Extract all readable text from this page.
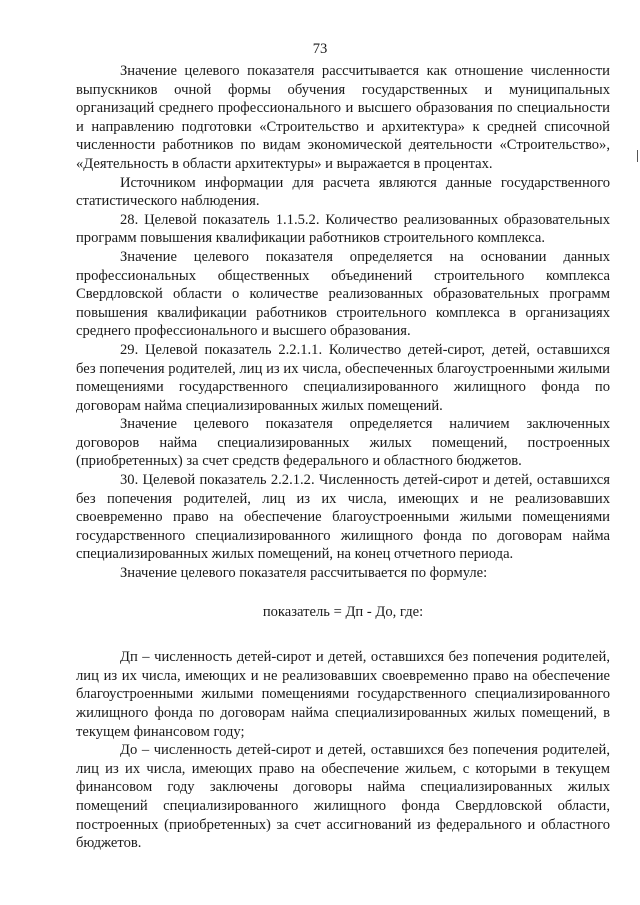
73

Значение целевого показателя рассчитывается как отношение численности выпускников очной формы обучения государственных и муниципальных организаций среднего профессионального и высшего образования по специальности и направлению подготовки «Строительство и архитектура» к средней списочной численности работников по видам экономической деятельности «Строительство», «Деятельность в области архитектуры» и выражается в процентах.

Источником информации для расчета являются данные государственного статистического наблюдения.

28. Целевой показатель 1.1.5.2. Количество реализованных образовательных программ повышения квалификации работников строительного комплекса.

Значение целевого показателя определяется на основании данных профессиональных общественных объединений строительного комплекса Свердловской области о количестве реализованных образовательных программ повышения квалификации работников строительного комплекса в организациях среднего профессионального и высшего образования.

29. Целевой показатель 2.2.1.1. Количество детей-сирот, детей, оставшихся без попечения родителей, лиц из их числа, обеспеченных благоустроенными жилыми помещениями государственного специализированного жилищного фонда по договорам найма специализированных жилых помещений.

Значение целевого показателя определяется наличием заключенных договоров найма специализированных жилых помещений, построенных (приобретенных) за счет средств федерального и областного бюджетов.

30. Целевой показатель 2.2.1.2. Численность детей-сирот и детей, оставшихся без попечения родителей, лиц из их числа, имеющих и не реализовавших своевременно право на обеспечение благоустроенными жилыми помещениями государственного специализированного жилищного фонда по договорам найма специализированных жилых помещений, на конец отчетного периода.

Значение целевого показателя рассчитывается по формуле:

показатель = Дп - До, где:

Дп – численность детей-сирот и детей, оставшихся без попечения родителей, лиц из их числа, имеющих и не реализовавших своевременно право на обеспечение благоустроенными жилыми помещениями государственного специализированного жилищного фонда по договорам найма специализированных жилых помещений, в текущем финансовом году;

До – численность детей-сирот и детей, оставшихся без попечения родителей, лиц из их числа, имеющих право на обеспечение жильем, с которыми в текущем финансовом году заключены договоры найма специализированных жилых помещений специализированного жилищного фонда Свердловской области, построенных (приобретенных) за счет ассигнований из федерального и областного бюджетов.
